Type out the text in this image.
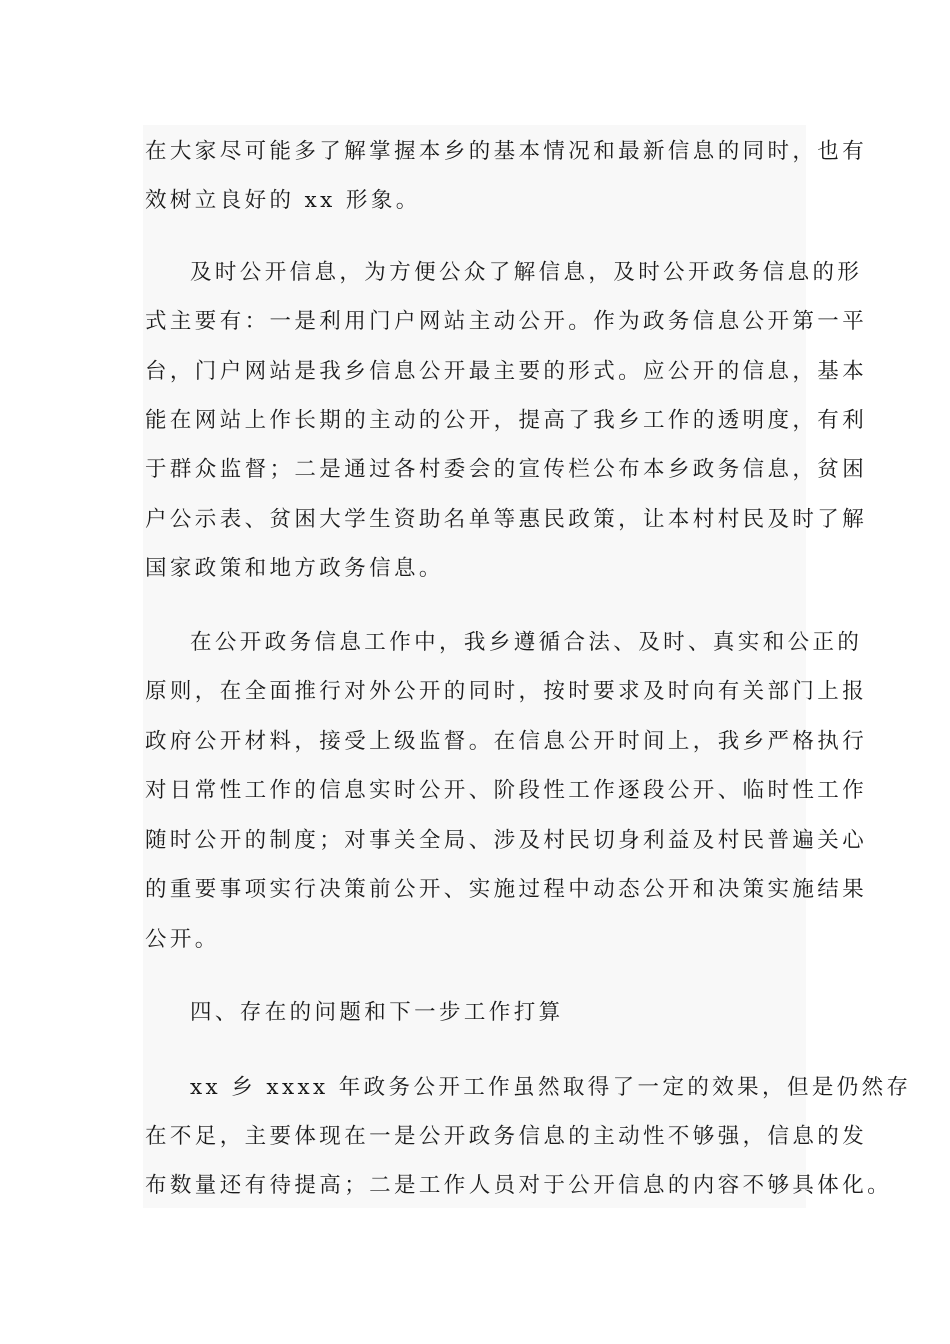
在大家尽可能多了解掌握本乡的基本情况和最新信息的同时，也有
效树立良好的 xx 形象。
及时公开信息，为方便公众了解信息，及时公开政务信息的形
式主要有：一是利用门户网站主动公开。作为政务信息公开第一平
台，门户网站是我乡信息公开最主要的形式。应公开的信息，基本
能在网站上作长期的主动的公开，提高了我乡工作的透明度，有利
于群众监督；二是通过各村委会的宣传栏公布本乡政务信息，贫困
户公示表、贫困大学生资助名单等惠民政策，让本村村民及时了解
国家政策和地方政务信息。
在公开政务信息工作中，我乡遵循合法、及时、真实和公正的
原则，在全面推行对外公开的同时，按时要求及时向有关部门上报
政府公开材料，接受上级监督。在信息公开时间上，我乡严格执行
对日常性工作的信息实时公开、阶段性工作逐段公开、临时性工作
随时公开的制度；对事关全局、涉及村民切身利益及村民普遍关心
的重要事项实行决策前公开、实施过程中动态公开和决策实施结果
公开。
四、存在的问题和下一步工作打算
xx 乡 xxxx 年政务公开工作虽然取得了一定的效果，但是仍然存
在不足，主要体现在一是公开政务信息的主动性不够强，信息的发
布数量还有待提高；二是工作人员对于公开信息的内容不够具体化。
